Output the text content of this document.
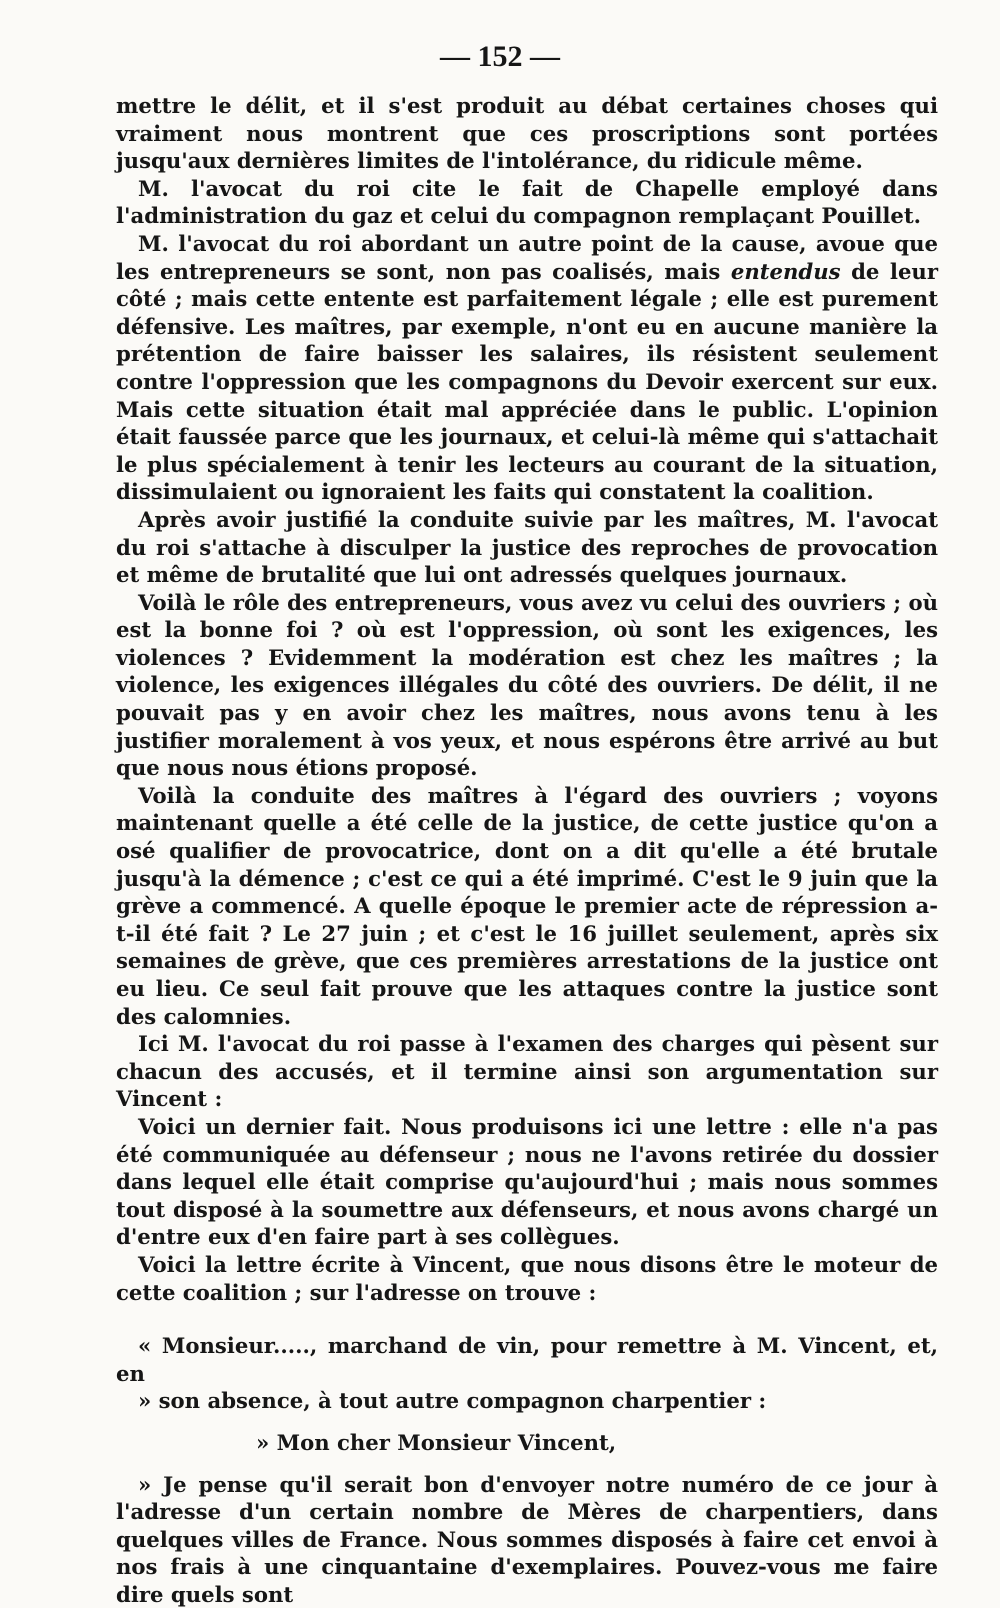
— 152 —

mettre le délit, et il s'est produit au débat certaines choses qui vraiment nous montrent que ces proscriptions sont portées jusqu'aux dernières limites de l'intolérance, du ridicule même.

M. l'avocat du roi cite le fait de Chapelle employé dans l'administration du gaz et celui du compagnon remplaçant Pouillet.

M. l'avocat du roi abordant un autre point de la cause, avoue que les entrepreneurs se sont, non pas coalisés, mais entendus de leur côté ; mais cette entente est parfaitement légale ; elle est purement défensive. Les maîtres, par exemple, n'ont eu en aucune manière la prétention de faire baisser les salaires, ils résistent seulement contre l'oppression que les compagnons du Devoir exercent sur eux. Mais cette situation était mal appréciée dans le public. L'opinion était faussée parce que les journaux, et celui-là même qui s'attachait le plus spécialement à tenir les lecteurs au courant de la situation, dissimulaient ou ignoraient les faits qui constatent la coalition.

Après avoir justifié la conduite suivie par les maîtres, M. l'avocat du roi s'attache à disculper la justice des reproches de provocation et même de brutalité que lui ont adressés quelques journaux.

Voilà le rôle des entrepreneurs, vous avez vu celui des ouvriers ; où est la bonne foi ? où est l'oppression, où sont les exigences, les violences ? Evidemment la modération est chez les maîtres ; la violence, les exigences illégales du côté des ouvriers. De délit, il ne pouvait pas y en avoir chez les maîtres, nous avons tenu à les justifier moralement à vos yeux, et nous espérons être arrivé au but que nous nous étions proposé.

Voilà la conduite des maîtres à l'égard des ouvriers ; voyons maintenant quelle a été celle de la justice, de cette justice qu'on a osé qualifier de provocatrice, dont on a dit qu'elle a été brutale jusqu'à la démence ; c'est ce qui a été imprimé. C'est le 9 juin que la grève a commencé. A quelle époque le premier acte de répression a-t-il été fait ? Le 27 juin ; et c'est le 16 juillet seulement, après six semaines de grève, que ces premières arrestations de la justice ont eu lieu. Ce seul fait prouve que les attaques contre la justice sont des calomnies.

Ici M. l'avocat du roi passe à l'examen des charges qui pèsent sur chacun des accusés, et il termine ainsi son argumentation sur Vincent :

Voici un dernier fait. Nous produisons ici une lettre : elle n'a pas été communiquée au défenseur ; nous ne l'avons retirée du dossier dans lequel elle était comprise qu'aujourd'hui ; mais nous sommes tout disposé à la soumettre aux défenseurs, et nous avons chargé un d'entre eux d'en faire part à ses collègues.

Voici la lettre écrite à Vincent, que nous disons être le moteur de cette coalition ; sur l'adresse on trouve :

« Monsieur....., marchand de vin, pour remettre à M. Vincent, et, en
» son absence, à tout autre compagnon charpentier :

» Mon cher Monsieur Vincent,

» Je pense qu'il serait bon d'envoyer notre numéro de ce jour à l'adresse d'un certain nombre de Mères de charpentiers, dans quelques villes de France. Nous sommes disposés à faire cet envoi à nos frais à une cinquantaine d'exemplaires. Pouvez-vous me faire dire quels sont
